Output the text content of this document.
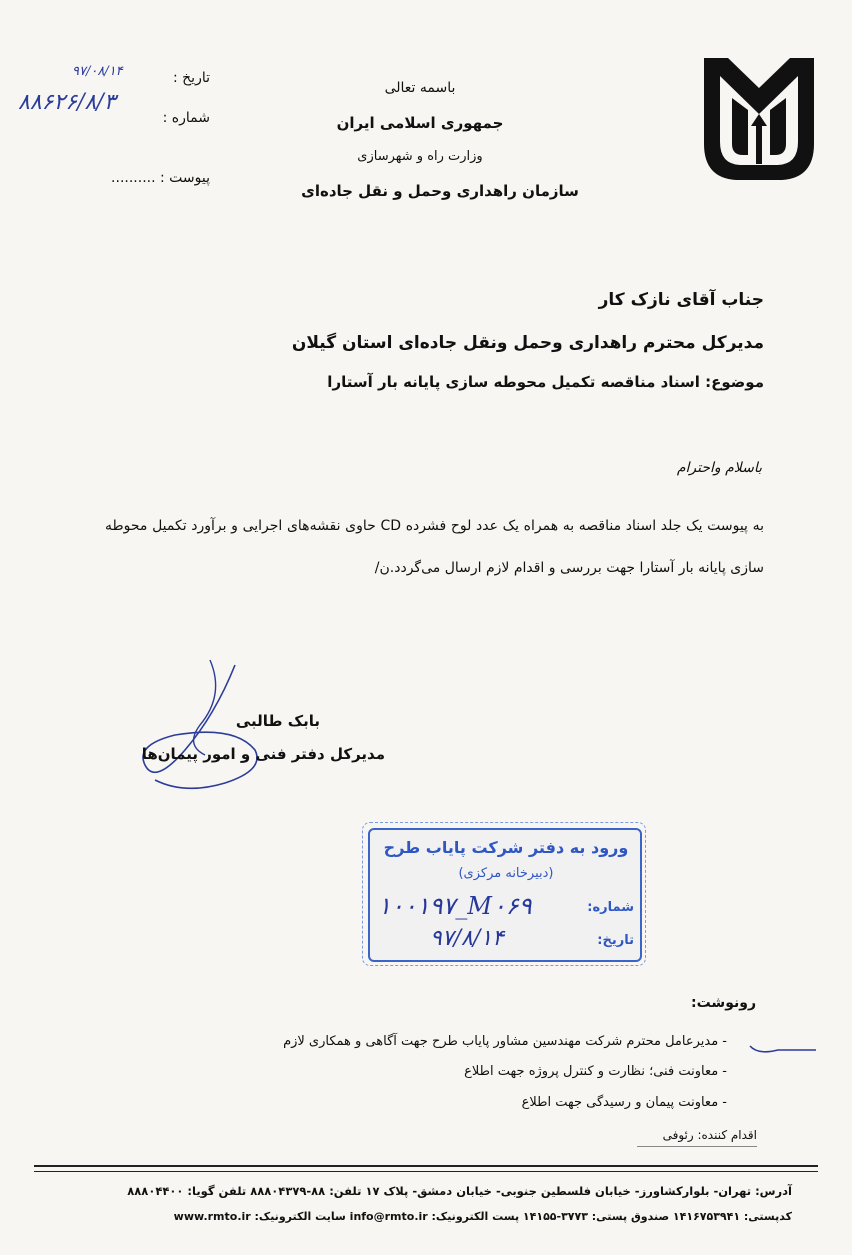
باسمه تعالی
جمهوری اسلامی ایران
وزارت راه و شهرسازی
سازمان راهداری وحمل و نقل جاده‌ای
تاریخ :
۹۷/۰۸/۱۴
شماره :
۸۸۶۲۶/۸/۳
پیوست : ..........
جناب آقای نازک کار
مدیرکل محترم راهداری وحمل ونقل جاده‌ای استان گیلان
موضوع: اسناد مناقصه تکمیل محوطه سازی پایانه بار آستارا
باسلام واحترام
به پیوست یک جلد اسناد مناقصه به همراه یک عدد لوح فشرده CD حاوی نقشه‌های اجرایی و برآورد تکمیل محوطه سازی پایانه بار آستارا جهت بررسی و اقدام لازم ارسال می‌گردد.ن/
بابک طالبی
مدیرکل دفتر فنی و امور پیمان‌ها
ورود به دفتر شرکت پایاب طرح
(دبیرخانه مرکزی)
شماره:
۱۰۰۱۹۷_M۰۶۹
تاریخ:
۹۷/۸/۱۴
رونوشت:
- مدیرعامل محترم شرکت مهندسین مشاور پایاب طرح جهت آگاهی و همکاری لازم
- معاونت فنی؛ نظارت و کنترل پروژه جهت اطلاع
- معاونت پیمان و رسیدگی جهت اطلاع
اقدام کننده: رئوفی
آدرس: تهران- بلوارکشاورز- خیابان فلسطین جنوبی- خیابان دمشق- پلاک ۱۷ تلفن: ۸۸-۸۸۸۰۴۳۷۹ تلفن گویا: ۸۸۸۰۴۴۰۰
کدپستی: ۱۴۱۶۷۵۳۹۴۱ صندوق پستی: ۳۷۷۳-۱۴۱۵۵ پست الکترونیک: info@rmto.ir سایت الکترونیک: www.rmto.ir
